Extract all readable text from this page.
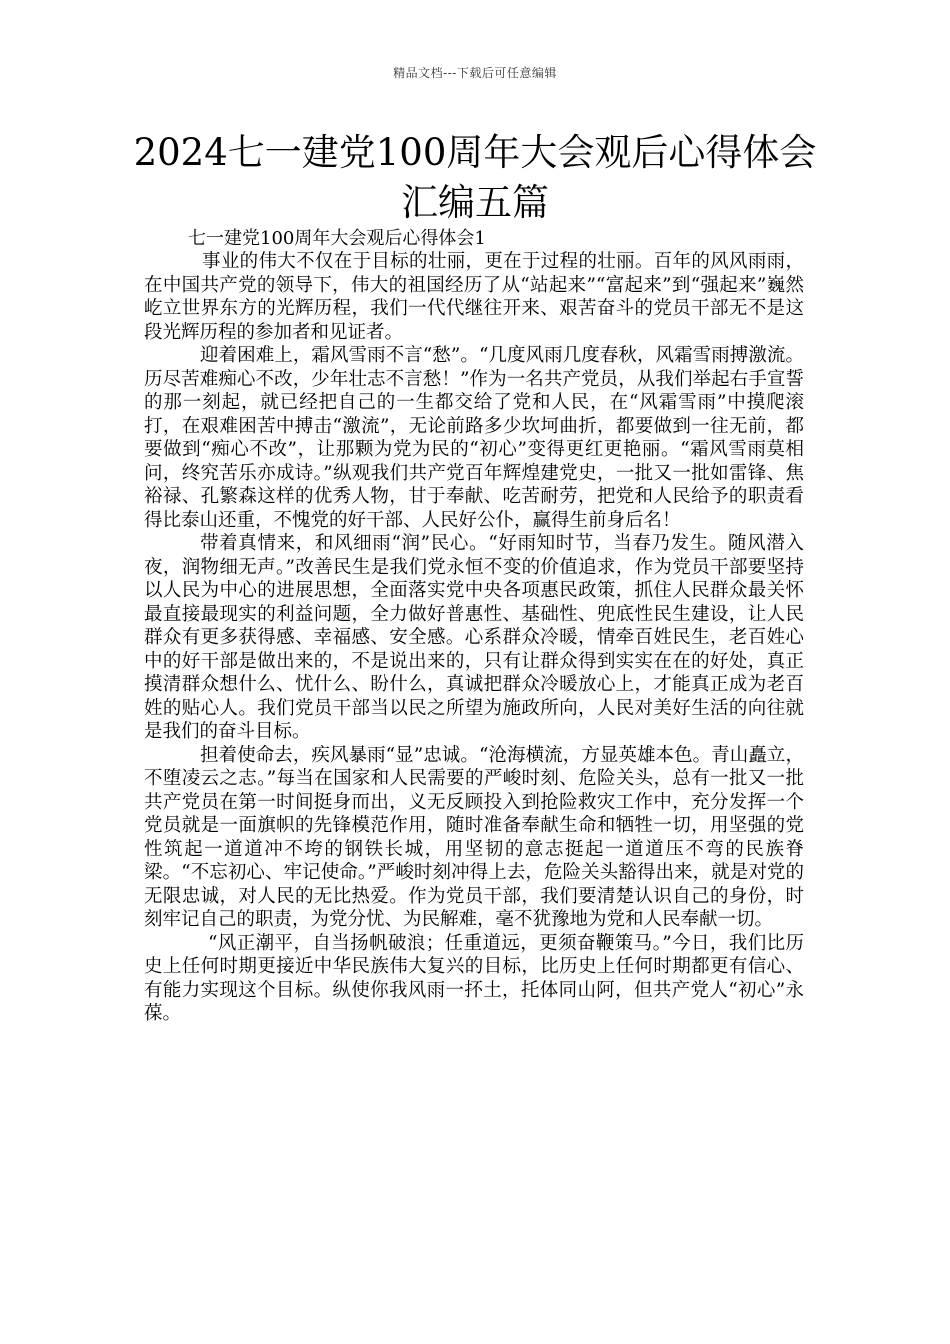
精品文档---下载后可任意编辑
2024七一建党100周年大会观后心得体会汇编五篇
七一建党100周年大会观后心得体会1

事业的伟大不仅在于目标的壮丽，更在于过程的壮丽。百年的风风雨雨，在中国共产党的领导下，伟大的祖国经历了从“站起来”“富起来”到“强起来”巍然屹立世界东方的光辉历程，我们一代代继往开来、艰苦奋斗的党员干部无不是这段光辉历程的参加者和见证者。

迎着困难上，霜风雪雨不言“愁”。“几度风雨几度春秋，风霜雪雨搏激流。历尽苦难痴心不改，少年壮志不言愁！”作为一名共产党员，从我们举起右手宣誓的那一刻起，就已经把自己的一生都交给了党和人民，在“风霜雪雨”中摸爬滚打，在艰难困苦中搏击“激流”，无论前路多少坎坷曲折，都要做到一往无前，都要做到“痴心不改”，让那颗为党为民的“初心”变得更红更艳丽。“霜风雪雨莫相问，终究苦乐亦成诗。”纵观我们共产党百年辉煌建党史，一批又一批如雷锋、焦裕禄、孔繁森这样的优秀人物，甘于奉献、吃苦耐劳，把党和人民给予的职责看得比泰山还重，不愧党的好干部、人民好公仆，赢得生前身后名！

带着真情来，和风细雨“润”民心。“好雨知时节，当春乃发生。随风潜入夜，润物细无声。”改善民生是我们党永恒不变的价值追求，作为党员干部要坚持以人民为中心的进展思想，全面落实党中央各项惠民政策，抓住人民群众最关怀最直接最现实的利益问题，全力做好普惠性、基础性、兜底性民生建设，让人民群众有更多获得感、幸福感、安全感。心系群众冷暖，情牵百姓民生，老百姓心中的好干部是做出来的，不是说出来的，只有让群众得到实实在在的好处，真正摸清群众想什么、忧什么、盼什么，真诚把群众冷暖放心上，才能真正成为老百姓的贴心人。我们党员干部当以民之所望为施政所向，人民对美好生活的向往就是我们的奋斗目标。

担着使命去，疾风暴雨“显”忠诚。“沧海横流，方显英雄本色。青山矗立，不堕凌云之志。”每当在国家和人民需要的严峻时刻、危险关头，总有一批又一批共产党员在第一时间挺身而出，义无反顾投入到抢险救灾工作中，充分发挥一个党员就是一面旗帜的先锋模范作用，随时准备奉献生命和牺牲一切，用坚强的党性筑起一道道冲不垮的钢铁长城，用坚韧的意志挺起一道道压不弯的民族脊梁。“不忘初心、牢记使命。”严峻时刻冲得上去，危险关头豁得出来，就是对党的无限忠诚，对人民的无比热爱。作为党员干部，我们要清楚认识自己的身份，时刻牢记自己的职责，为党分忧、为民解难，毫不犹豫地为党和人民奉献一切。

“风正潮平，自当扬帆破浪；任重道远，更须奋鞭策马。”今日，我们比历史上任何时期更接近中华民族伟大复兴的目标，比历史上任何时期都更有信心、有能力实现这个目标。纵使你我风雨一抔土，托体同山阿，但共产党人“初心”永葆。
